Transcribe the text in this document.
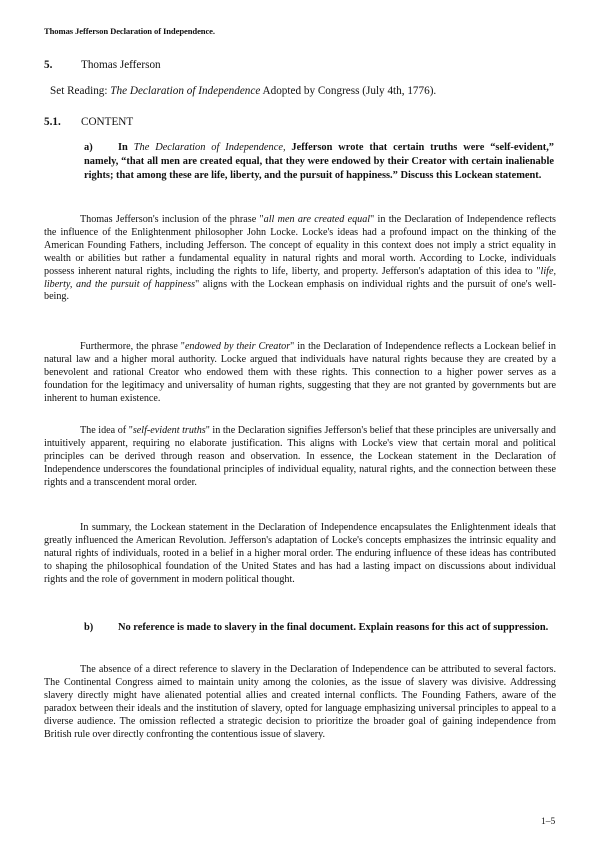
Thomas Jefferson Declaration of Independence.
5.	Thomas Jefferson
Set Reading: The Declaration of Independence Adopted by Congress (July 4th, 1776).
5.1. CONTENT
a) In The Declaration of Independence, Jefferson wrote that certain truths were “self-evident,” namely, “that all men are created equal, that they were endowed by their Creator with certain inalienable rights; that among these are life, liberty, and the pursuit of happiness.” Discuss this Lockean statement.

Thomas Jefferson's inclusion of the phrase "all men are created equal" in the Declaration of Independence reflects the influence of the Enlightenment philosopher John Locke. Locke's ideas had a profound impact on the thinking of the American Founding Fathers, including Jefferson. The concept of equality in this context does not imply a strict equality in wealth or abilities but rather a fundamental equality in natural rights and moral worth. According to Locke, individuals possess inherent natural rights, including the rights to life, liberty, and property. Jefferson's adaptation of this idea to "life, liberty, and the pursuit of happiness" aligns with the Lockean emphasis on individual rights and the pursuit of one's well-being.

Furthermore, the phrase "endowed by their Creator" in the Declaration of Independence reflects a Lockean belief in natural law and a higher moral authority. Locke argued that individuals have natural rights because they are created by a benevolent and rational Creator who endowed them with these rights. This connection to a higher power serves as a foundation for the legitimacy and universality of human rights, suggesting that they are not granted by governments but are inherent to human existence.

The idea of "self-evident truths" in the Declaration signifies Jefferson's belief that these principles are universally and intuitively apparent, requiring no elaborate justification. This aligns with Locke's view that certain moral and political principles can be derived through reason and observation. In essence, the Lockean statement in the Declaration of Independence underscores the foundational principles of individual equality, natural rights, and the connection between these rights and a transcendent moral order.

In summary, the Lockean statement in the Declaration of Independence encapsulates the Enlightenment ideals that greatly influenced the American Revolution. Jefferson's adaptation of Locke's concepts emphasizes the intrinsic equality and natural rights of individuals, rooted in a belief in a higher moral order. The enduring influence of these ideas has contributed to shaping the philosophical foundation of the United States and has had a lasting impact on discussions about individual rights and the role of government in modern political thought.

b) No reference is made to slavery in the final document. Explain reasons for this act of suppression.

The absence of a direct reference to slavery in the Declaration of Independence can be attributed to several factors. The Continental Congress aimed to maintain unity among the colonies, as the issue of slavery was divisive. Addressing slavery directly might have alienated potential allies and created internal conflicts. The Founding Fathers, aware of the paradox between their ideals and the institution of slavery, opted for language emphasizing universal principles to appeal to a diverse audience. The omission reflected a strategic decision to prioritize the broader goal of gaining independence from British rule over directly confronting the contentious issue of slavery.

1–5
